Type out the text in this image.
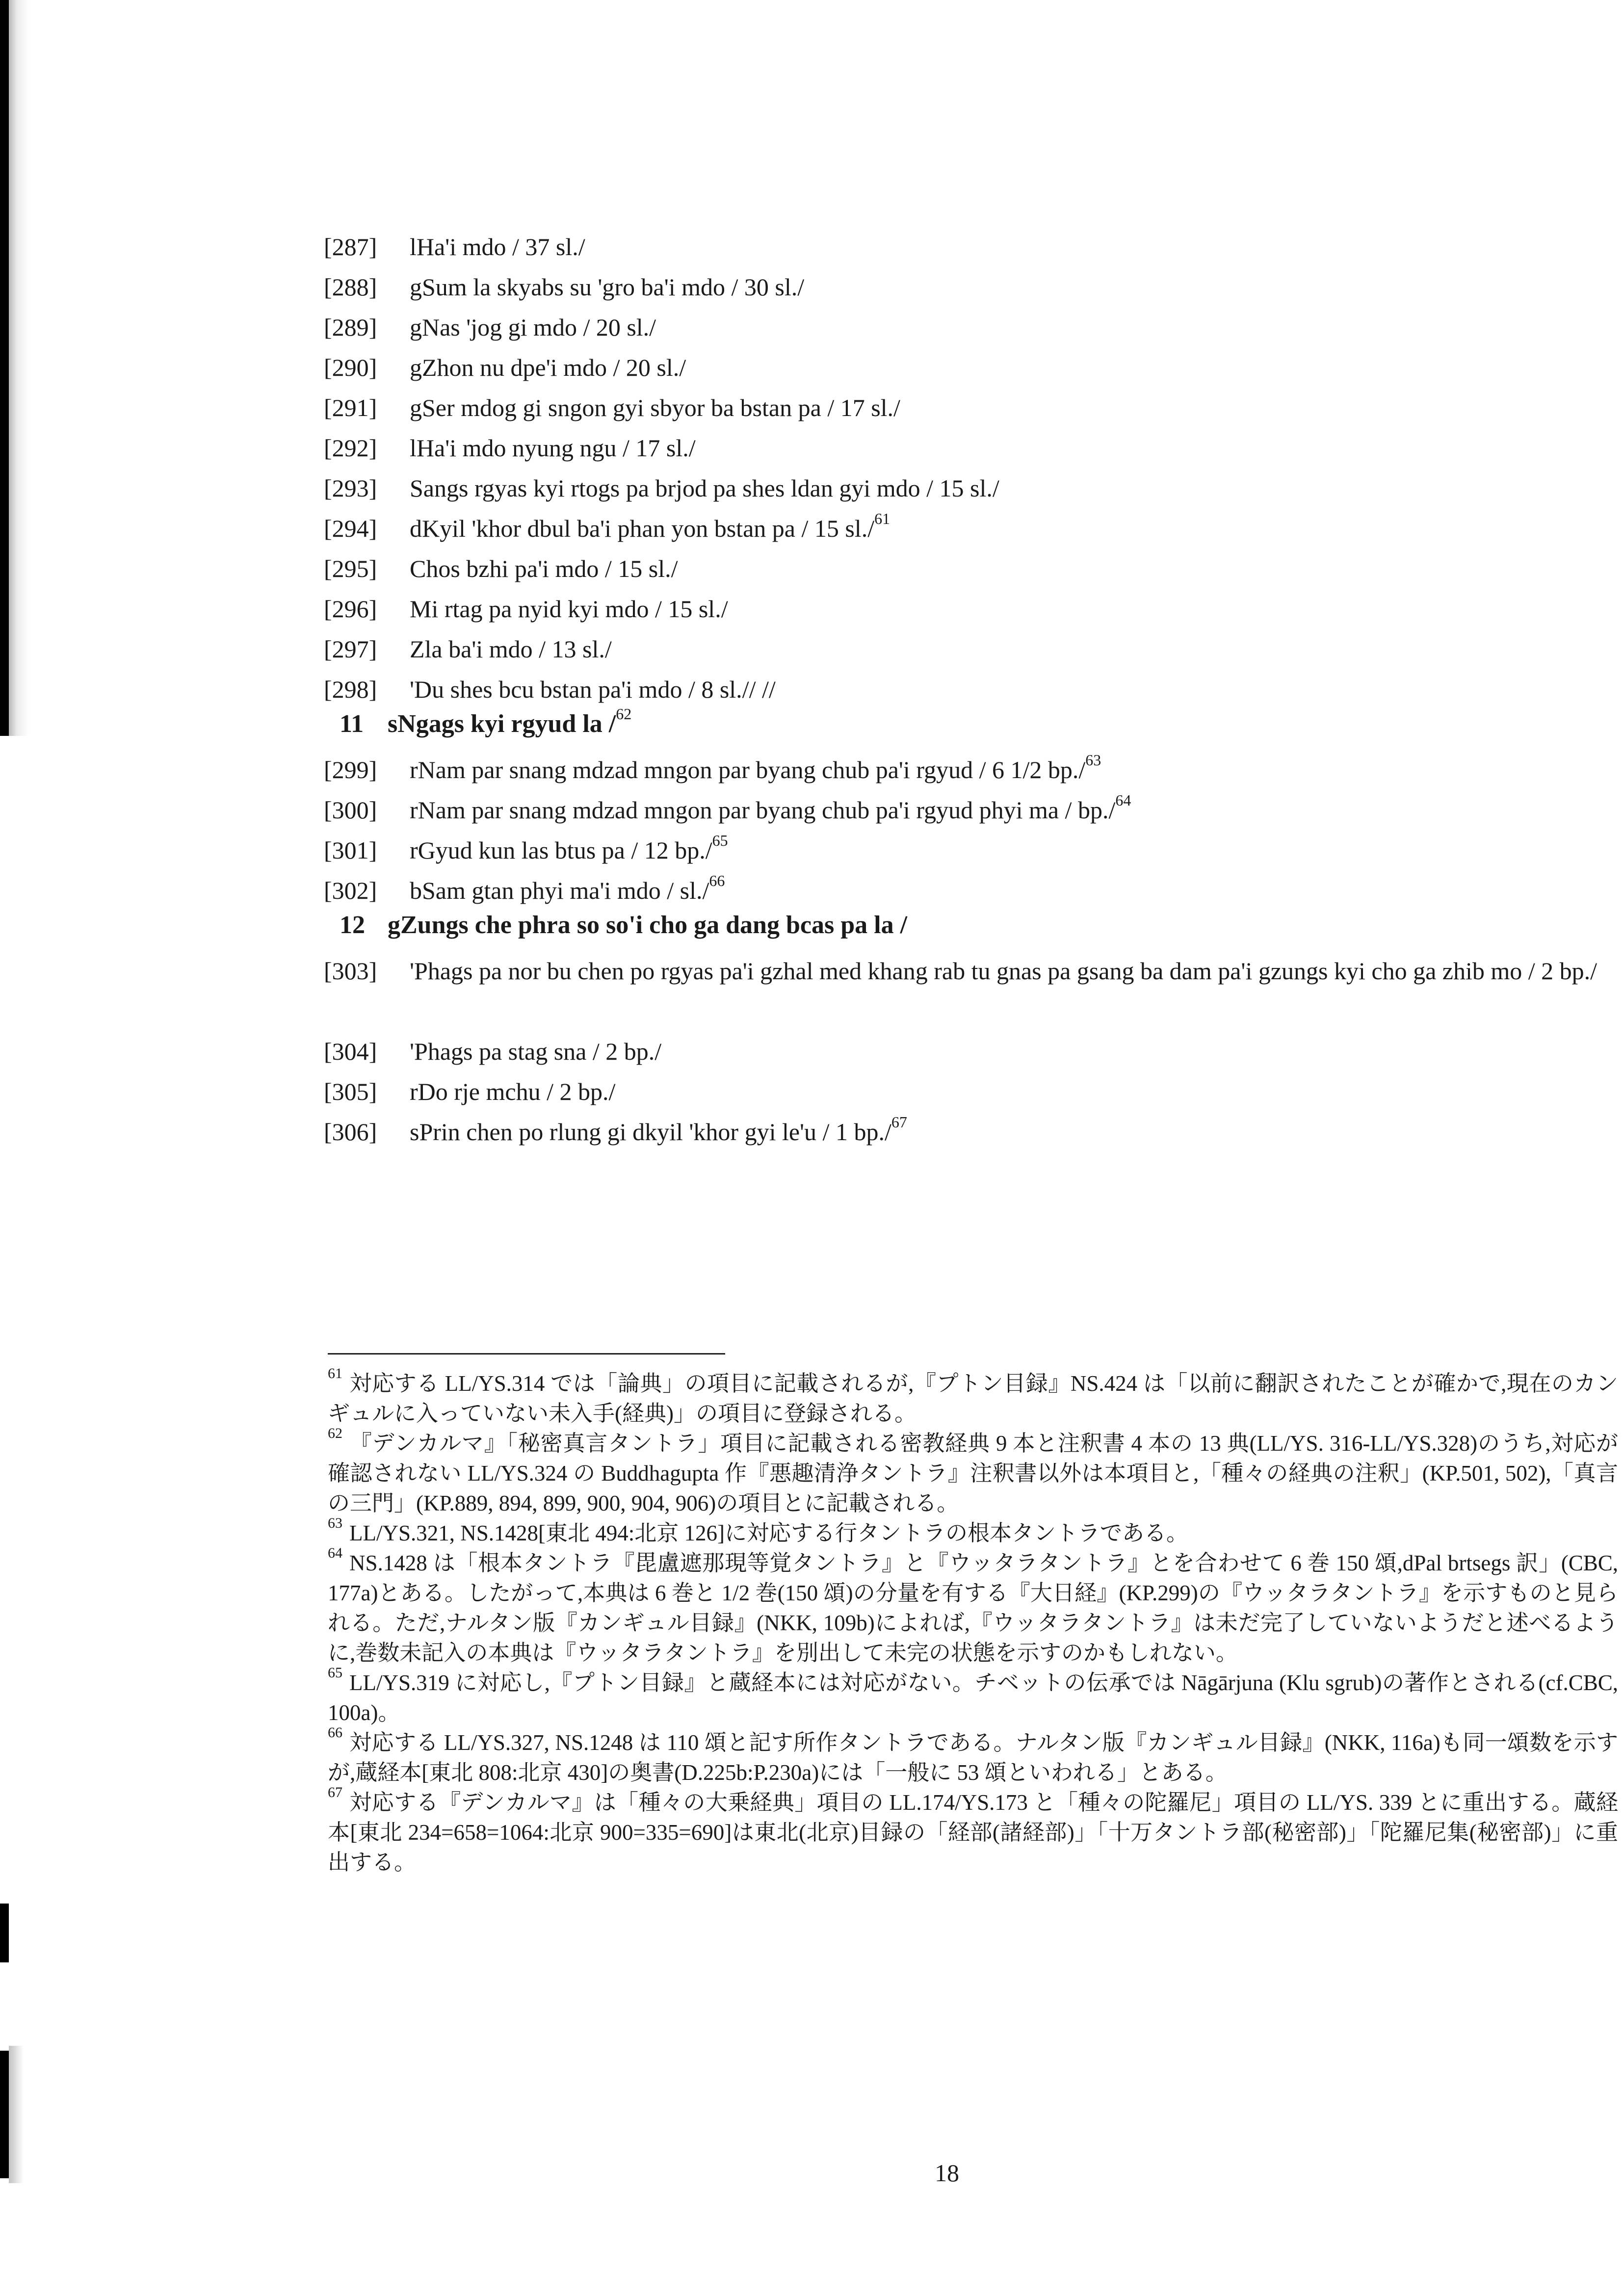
[287]	lHa'i mdo / 37 sl./
[288]	gSum la skyabs su 'gro ba'i mdo / 30 sl./
[289]	gNas 'jog gi mdo / 20 sl./
[290]	gZhon nu dpe'i mdo / 20 sl./
[291]	gSer mdog gi sngon gyi sbyor ba bstan pa / 17 sl./
[292]	lHa'i mdo nyung ngu / 17 sl./
[293]	Sangs rgyas kyi rtogs pa brjod pa shes ldan gyi mdo / 15 sl./
[294]	dKyil 'khor dbul ba'i phan yon bstan pa / 15 sl./$^{61}$
[295]	Chos bzhi pa'i mdo / 15 sl./
[296]	Mi rtag pa nyid kyi mdo / 15 sl./
[297]	Zla ba'i mdo / 13 sl./
[298]	'Du shes bcu bstan pa'i mdo / 8 sl.// //
11 sNgags kyi rgyud la /$^{62}$
[299]	rNam par snang mdzad mngon par byang chub pa'i rgyud / 6 1/2 bp./$^{63}$
[300]	rNam par snang mdzad mngon par byang chub pa'i rgyud phyi ma / bp./$^{64}$
[301]	rGyud kun las btus pa / 12 bp./$^{65}$
[302]	bSam gtan phyi ma'i mdo / sl./$^{66}$
12 gZungs che phra so so'i cho ga dang bcas pa la /
[303]	'Phags pa nor bu chen po rgyas pa'i gzhal med khang rab tu gnas pa gsang ba dam pa'i gzungs kyi cho ga zhib mo / 2 bp./
[304]	'Phags pa stag sna / 2 bp./
[305]	rDo rje mchu / 2 bp./
[306]	sPrin chen po rlung gi dkyil 'khor gyi le'u / 1 bp./$^{67}$

$^{61}$ 対応する LL/YS.314 では「論典」の項目に記載されるが,『プトン目録』NS.424 は「以前に翻訳されたことが確かで,現在のカンギュルに入っていない未入手(経典)」の項目に登録される。

$^{62}$ 『デンカルマ』「秘密真言タントラ」項目に記載される密教経典 9 本と注釈書 4 本の 13 典(LL/YS. 316-LL/YS.328)のうち,対応が確認されない LL/YS.324 の Buddhagupta 作『悪趣清浄タントラ』注釈書以外は本項目と,「種々の経典の注釈」(KP.501, 502),「真言の三門」(KP.889, 894, 899, 900, 904, 906)の項目とに記載される。

$^{63}$ LL/YS.321, NS.1428[東北 494:北京 126]に対応する行タントラの根本タントラである。

$^{64}$ NS.1428 は「根本タントラ『毘盧遮那現等覚タントラ』と『ウッタラタントラ』とを合わせて 6 巻 150 頌,dPal brtsegs 訳」(CBC, 177a)とある。したがって,本典は 6 巻と 1/2 巻(150 頌)の分量を有する『大日経』(KP.299)の『ウッタラタントラ』を示すものと見られる。ただ,ナルタン版『カンギュル目録』(NKK, 109b)によれば,『ウッタラタントラ』は未だ完了していないようだと述べるように,巻数未記入の本典は『ウッタラタントラ』を別出して未完の状態を示すのかもしれない。

$^{65}$ LL/YS.319 に対応し,『プトン目録』と蔵経本には対応がない。チベットの伝承では Nāgārjuna (Klu sgrub)の著作とされる(cf.CBC, 100a)。

$^{66}$ 対応する LL/YS.327, NS.1248 は 110 頌と記す所作タントラである。ナルタン版『カンギュル目録』(NKK, 116a)も同一頌数を示すが,蔵経本[東北 808:北京 430]の奥書(D.225b:P.230a)には「一般に 53 頌といわれる」とある。

$^{67}$ 対応する『デンカルマ』は「種々の大乗経典」項目の LL.174/YS.173 と「種々の陀羅尼」項目の LL/YS. 339 とに重出する。蔵経本[東北 234=658=1064:北京 900=335=690]は東北(北京)目録の「経部(諸経部)」「十万タントラ部(秘密部)」「陀羅尼集(秘密部)」に重出する。

18
